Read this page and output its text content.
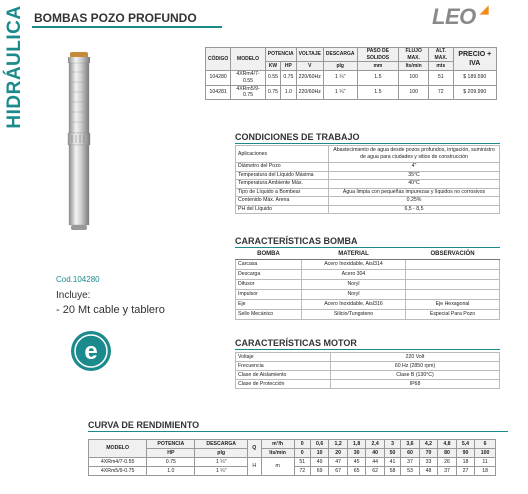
HIDRÁULICA BOMBAS POZO PROFUNDO	LEO ◢
CÓDIGO	MODELO	POTENCIA		VOLTAJE	DESCARGA	PASO DE SOLIDOS	FLUJO MAX.	ALT. MAX.	PRECIO + IVA
		KW	HP	V	plg	mm	lts/min	mts	
104280	4XRm4/7-0.55	0.55	0.75	220/60Hz	1 ¼"	1.5	100	51	$ 189.590
104281	4XRm5/9-0.75	0.75	1.0	220/60Hz	1 ¼"	1.5	100	72	$ 209.990
Cod.104280
Incluye:
- 20 Mt cable y tablero
e
CONDICIONES DE TRABAJO
Aplicaciones	Abastecimiento de agua desde pozos profundos, irrigación, suministro de agua para ciudades y sitios de construcción
Diámetro del Pozo	4"
Temperatura del Líquido Máxima	35°C
Temperatura Ambiente Máx.	40°C
Tipo de Líquido a Bombear	Agua limpia con pequeñas impurezas y líquidos no corrosivos
Contenido Máx. Arena	0.25%
PH del Líquido	6,5 - 8,5
CARACTERÍSTICAS BOMBA
BOMBA	MATERIAL	OBSERVACIÓN
Carcasa	Acero Inoxidable, AisI314	
Descarga	Acero 304	
Difusor	Noryl	
Impulsor	Noryl	
Eje	Acero Inoxidable, AisI316	Eje Hexagonal
Sello Mecánico	Silicio/Tungsteno	Especial Para Pozo
CARACTERÍSTICAS MOTOR
Voltaje	220 Volt
Frecuencia	60 Hz (2850 rpm)
Clase de Aislamiento	Clase B (130°C)
Clase de Protección	IP68
CURVA DE RENDIMIENTO
MODELO	POTENCIA	DESCARGA	Q	m³/h	0	0,6	1,2	1,8	2,4	3	3,6	4,2	4,8	5,4	6
	HP	plg		lts/min	0	10	20	30	40	50	60	70	80	90	100
4XRm4/7-0.55	0.75	1 ¼"	H	m	51	49	47	45	44	41	37	33	26	18	11
4XRm5/9-0.75	1.0	1 ¼"			72	69	67	65	62	58	53	48	37	27	18
